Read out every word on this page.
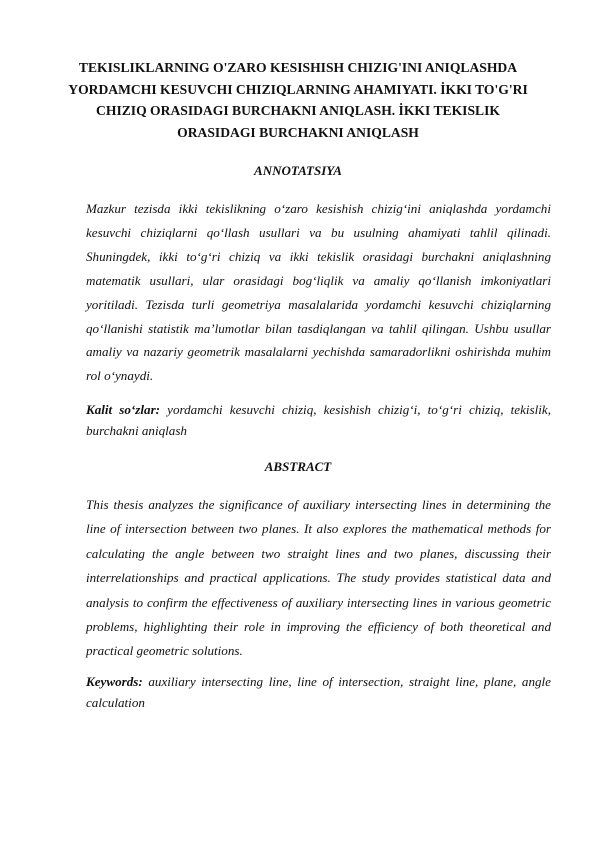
TEKISLIKLARNING O'ZARO KESISHISH CHIZIG'INI ANIQLASHDA YORDAMCHI KESUVCHI CHIZIQLARNING AHAMIYATI. İKKI TO'G'RI CHIZIQ ORASIDAGI BURCHAKNI ANIQLASH. İKKI TEKISLIK ORASIDAGI BURCHAKNI ANIQLASH
ANNOTATSIYA

Mazkur tezisda ikki tekislikning o‘zaro kesishish chizig‘ini aniqlashda yordamchi kesuvchi chiziqlarni qo‘llash usullari va bu usulning ahamiyati tahlil qilinadi. Shuningdek, ikki to‘g‘ri chiziq va ikki tekislik orasidagi burchakni aniqlashning matematik usullari, ular orasidagi bog‘liqlik va amaliy qo‘llanish imkoniyatlari yoritiladi. Tezisda turli geometriya masalalarida yordamchi kesuvchi chiziqlarning qo‘llanishi statistik ma’lumotlar bilan tasdiqlangan va tahlil qilingan. Ushbu usullar amaliy va nazariy geometrik masalalarni yechishda samaradorlikni oshirishda muhim rol o‘ynaydi.

Kalit so‘zlar: yordamchi kesuvchi chiziq, kesishish chizig‘i, to‘g‘ri chiziq, tekislik, burchakni aniqlash

ABSTRACT

This thesis analyzes the significance of auxiliary intersecting lines in determining the line of intersection between two planes. It also explores the mathematical methods for calculating the angle between two straight lines and two planes, discussing their interrelationships and practical applications. The study provides statistical data and analysis to confirm the effectiveness of auxiliary intersecting lines in various geometric problems, highlighting their role in improving the efficiency of both theoretical and practical geometric solutions.

Keywords: auxiliary intersecting line, line of intersection, straight line, plane, angle calculation
